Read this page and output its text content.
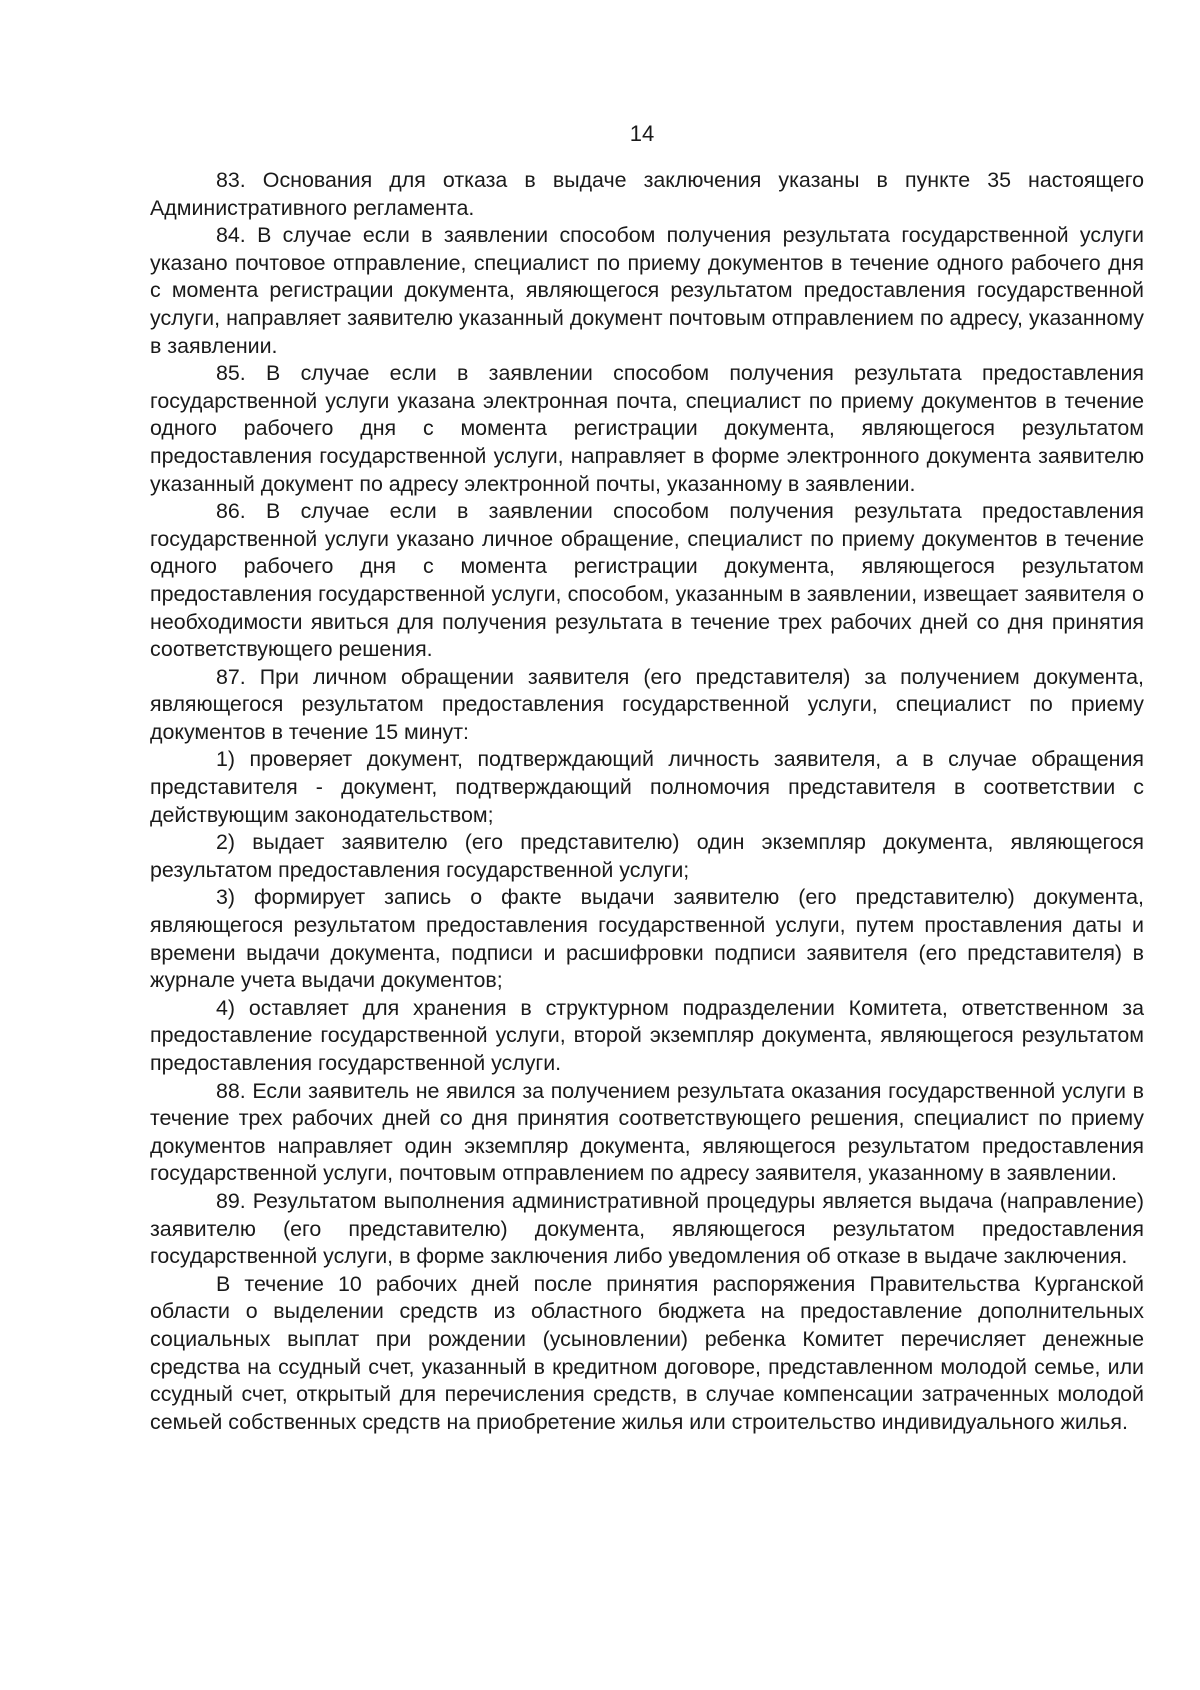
14

83. Основания для отказа в выдаче заключения указаны в пункте 35 настоящего Административного регламента.

84. В случае если в заявлении способом получения результата государственной услуги указано почтовое отправление, специалист по приему документов в течение одного рабочего дня с момента регистрации документа, являющегося результатом предоставления государственной услуги, направляет заявителю указанный документ почтовым отправлением по адресу, указанному в заявлении.

85. В случае если в заявлении способом получения результата предоставления государственной услуги указана электронная почта, специалист по приему документов в течение одного рабочего дня с момента регистрации документа, являющегося результатом предоставления государственной услуги, направляет в форме электронного документа заявителю указанный документ по адресу электронной почты, указанному в заявлении.

86. В случае если в заявлении способом получения результата предоставления государственной услуги указано личное обращение, специалист по приему документов в течение одного рабочего дня с момента регистрации документа, являющегося результатом предоставления государственной услуги, способом, указанным в заявлении, извещает заявителя о необходимости явиться для получения результата в течение трех рабочих дней со дня принятия соответствующего решения.

87. При личном обращении заявителя (его представителя) за получением документа, являющегося результатом предоставления государственной услуги, специалист по приему документов в течение 15 минут:

1) проверяет документ, подтверждающий личность заявителя, а в случае обращения представителя - документ, подтверждающий полномочия представителя в соответствии с действующим законодательством;

2) выдает заявителю (его представителю) один экземпляр документа, являющегося результатом предоставления государственной услуги;

3) формирует запись о факте выдачи заявителю (его представителю) документа, являющегося результатом предоставления государственной услуги, путем проставления даты и времени выдачи документа, подписи и расшифровки подписи заявителя (его представителя) в журнале учета выдачи документов;

4) оставляет для хранения в структурном подразделении Комитета, ответственном за предоставление государственной услуги, второй экземпляр документа, являющегося результатом предоставления государственной услуги.

88. Если заявитель не явился за получением результата оказания государственной услуги в течение трех рабочих дней со дня принятия соответствующего решения, специалист по приему документов направляет один экземпляр документа, являющегося результатом предоставления государственной услуги, почтовым отправлением по адресу заявителя, указанному в заявлении.

89. Результатом выполнения административной процедуры является выдача (направление) заявителю (его представителю) документа, являющегося результатом предоставления государственной услуги, в форме заключения либо уведомления об отказе в выдаче заключения.

В течение 10 рабочих дней после принятия распоряжения Правительства Курганской области о выделении средств из областного бюджета на предоставление дополнительных социальных выплат при рождении (усыновлении) ребенка Комитет перечисляет денежные средства на ссудный счет, указанный в кредитном договоре, представленном молодой семье, или ссудный счет, открытый для перечисления средств, в случае компенсации затраченных молодой семьей собственных средств на приобретение жилья или строительство индивидуального жилья.
